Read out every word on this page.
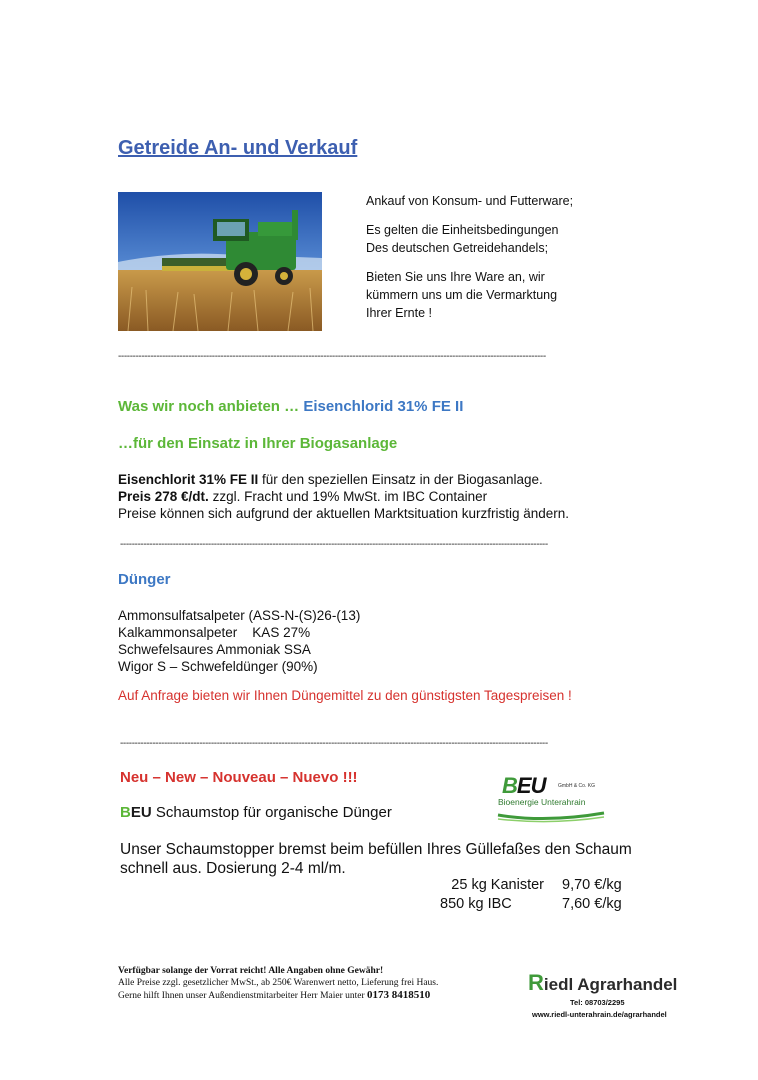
Getreide An- und Verkauf

Ankauf von Konsum- und Futterware;

Es gelten die Einheitsbedingungen

Des deutschen Getreidehandels;

Bieten Sie uns Ihre Ware an, wir
kümmern uns um die Vermarktung
Ihrer Ernte !
--------------------------------------------------------------------------------------------------------------------------------------------------
Was wir noch anbieten … Eisenchlorid 31% FE II
…für den Einsatz in Ihrer Biogasanlage
Eisenchlorit 31% FE II für den speziellen Einsatz in der Biogasanlage.
Preis 278 €/dt. zzgl. Fracht und 19% MwSt. im IBC Container
Preise können sich aufgrund der aktuellen Marktsituation kurzfristig ändern.
--------------------------------------------------------------------------------------------------------------------------------------------------
Dünger
Ammonsulfatsalpeter (ASS-N-(S)26-(13)
Kalkammonsalpeter    KAS 27%
Schwefelsaures Ammoniak SSA
Wigor S – Schwefeldünger (90%)
Auf Anfrage bieten wir Ihnen Düngemittel zu den günstigsten Tagespreisen !
--------------------------------------------------------------------------------------------------------------------------------------------------
Neu – New – Nouveau – Nuevo !!!
BEU Schaumstop für organische Dünger
BEU	GmbH & Co. KG
Bioenergie Unterahrain
Unser Schaumstopper bremst beim befüllen Ihres Güllefaßes den Schaum
schnell aus. Dosierung 2-4 ml/m.
25 kg Kanister	9,70 €/kg
850 kg IBC	7,60 €/kg
Verfügbar solange der Vorrat reicht! Alle Angaben ohne Gewähr!
Alle Preise zzgl. gesetzlicher MwSt., ab 250€ Warenwert netto, Lieferung frei Haus.
Gerne hilft Ihnen unser Außendienstmitarbeiter Herr Maier unter 0173 8418510	Riedl Agrarhandel
Tel: 08703/2295
www.riedl-unterahrain.de/agrarhandel
